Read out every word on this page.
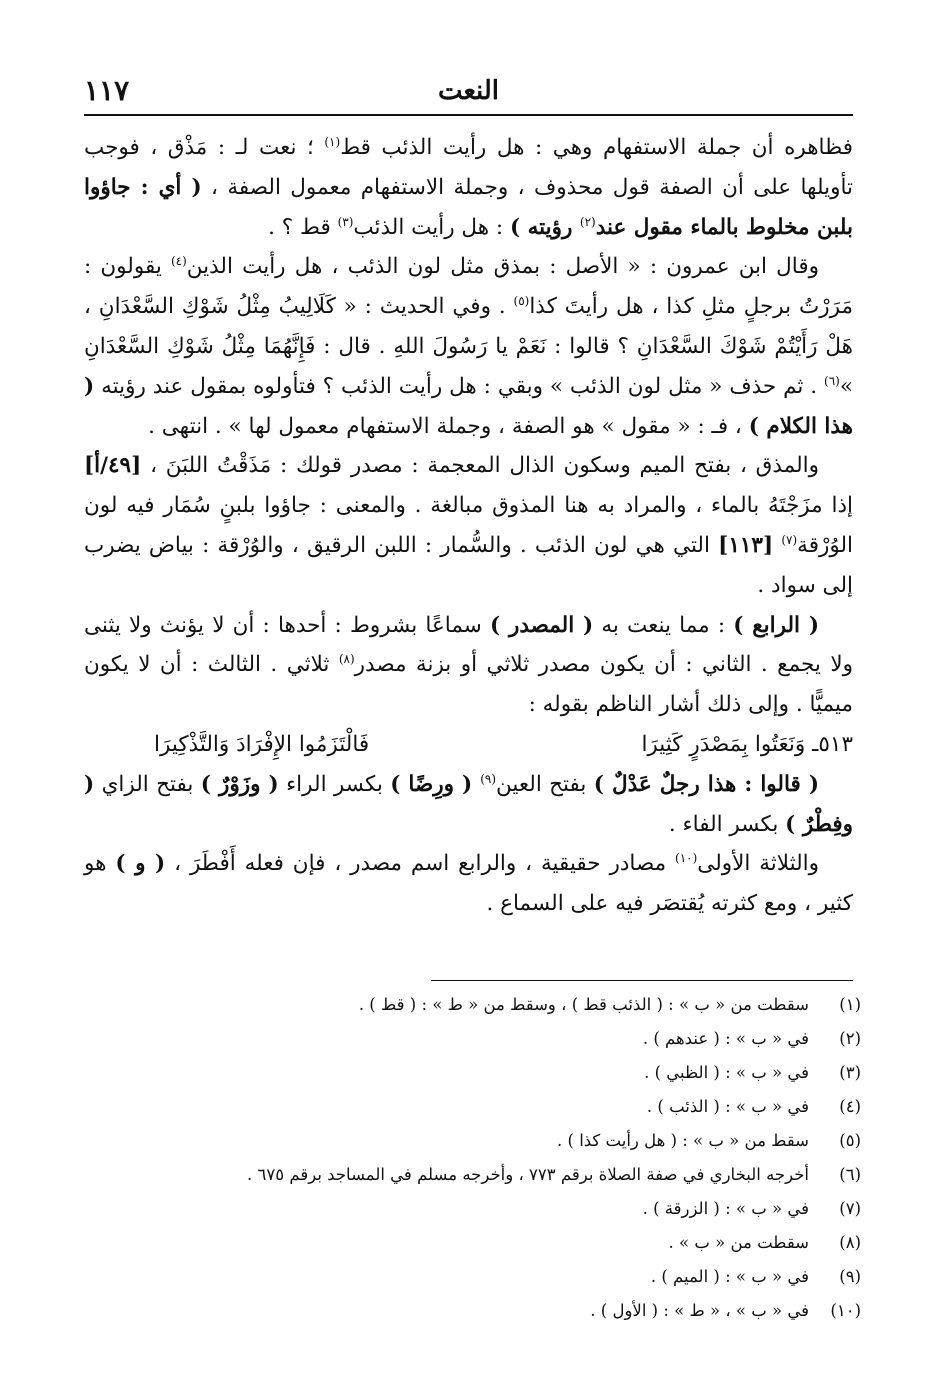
١١٧	النعت

فظاهره أن جملة الاستفهام وهي : هل رأيت الذئب قط$^{(١)}$ ؛ نعت لـ : مَذْق ، فوجب تأويلها على أن الصفة قول محذوف ، وجملة الاستفهام معمول الصفة ، ( أي : جاؤوا بلبن مخلوط بالماء مقول عند$^{(٢)}$ رؤيته ) : هل رأيت الذئب$^{(٣)}$ قط ؟ .

وقال ابن عمرون : « الأصل : بمذق مثل لون الذئب ، هل رأيت الذين$^{(٤)}$ يقولون : مَرَرْتُ برجلٍ مثلِ كذا ، هل رأيتَ كذا$^{(٥)}$ . وفي الحديث : « كَلَالِيبُ مِثْلُ شَوْكِ السَّعْدَانِ ، هَلْ رَأَيْتُمْ شَوْكَ السَّعْدَانِ ؟ قالوا : نَعَمْ يا رَسُولَ اللهِ . قال : فَإِنَّهُمَا مِثْلُ شَوْكِ السَّعْدَانِ »$^{(٦)}$ . ثم حذف « مثل لون الذئب » وبقي : هل رأيت الذئب ؟ فتأولوه بمقول عند رؤيته ( هذا الكلام ) ، فـ : « مقول » هو الصفة ، وجملة الاستفهام معمول لها » . انتهى .

والمذق ، بفتح الميم وسكون الذال المعجمة : مصدر قولك : مَذَقْتُ اللبَنَ ، [٤٩/أ] إذا مزَجْتَهُ بالماء ، والمراد به هنا المذوق مبالغة . والمعنى : جاؤوا بلبنٍ سُمَار فيه لون الوُرْقة$^{(٧)}$ [١١٣] التي هي لون الذئب . والسُّمار : اللبن الرقيق ، والوُرْقة : بياض يضرب إلى سواد .

( الرابع ) : مما ينعت به ( المصدر ) سماعًا بشروط : أحدها : أن لا يؤنث ولا يثنى ولا يجمع . الثاني : أن يكون مصدر ثلاثي أو بزنة مصدر$^{(٨)}$ ثلاثي . الثالث : أن لا يكون ميميًّا . وإلى ذلك أشار الناظم بقوله :

٥١٣ـ وَنَعَتُوا بِمَصْدَرٍ كَثِيرَا
فَالْتَزَمُوا الإِفْرَادَ وَالتَّذْكِيرَا

( قالوا : هذا رجلٌ عَدْلٌ ) بفتح العين$^{(٩)}$ ( ورِضًا ) بكسر الراء ( وزَوْرٌ ) بفتح الزاي ( وفِطْرٌ ) بكسر الفاء .

والثلاثة الأولى$^{(١٠)}$ مصادر حقيقية ، والرابع اسم مصدر ، فإن فعله أَفْطَرَ ، ( و ) هو كثير ، ومع كثرته يُقتصَر فيه على السماع .

(١)
سقطت من « ب » : ( الذئب قط ) ، وسقط من « ط » : ( قط ) .
(٢)
في « ب » : ( عندهم ) .
(٣)
في « ب » : ( الظبي ) .
(٤)
في « ب » : ( الذئب ) .
(٥)
سقط من « ب » : ( هل رأيت كذا ) .
(٦)
أخرجه البخاري في صفة الصلاة برقم ٧٧٣ ، وأخرجه مسلم في المساجد برقم ٦٧٥ .
(٧)
في « ب » : ( الزرقة ) .
(٨)
سقطت من « ب » .
(٩)
في « ب » : ( الميم ) .
(١٠)
في « ب » ، « ط » : ( الأول ) .
